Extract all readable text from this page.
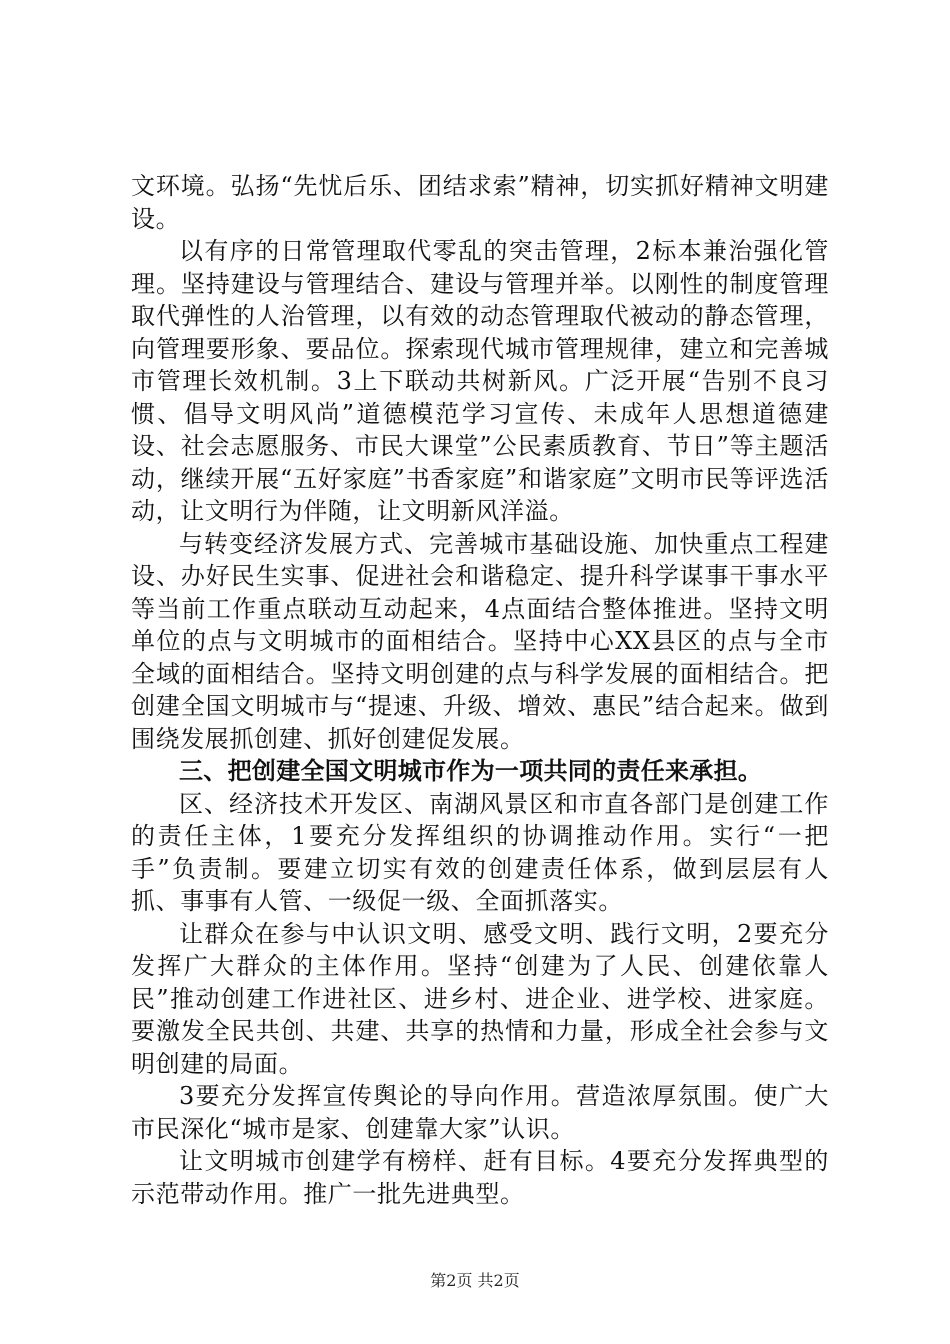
文环境。弘扬“先忧后乐、团结求索”精神，切实抓好精神文明建设。

以有序的日常管理取代零乱的突击管理，2标本兼治强化管理。坚持建设与管理结合、建设与管理并举。以刚性的制度管理取代弹性的人治管理，以有效的动态管理取代被动的静态管理，向管理要形象、要品位。探索现代城市管理规律，建立和完善城市管理长效机制。3上下联动共树新风。广泛开展“告别不良习惯、倡导文明风尚”道德模范学习宣传、未成年人思想道德建设、社会志愿服务、市民大课堂”公民素质教育、节日”等主题活动，继续开展“五好家庭”书香家庭”和谐家庭”文明市民等评选活动，让文明行为伴随，让文明新风洋溢。

与转变经济发展方式、完善城市基础设施、加快重点工程建设、办好民生实事、促进社会和谐稳定、提升科学谋事干事水平等当前工作重点联动互动起来，4点面结合整体推进。坚持文明单位的点与文明城市的面相结合。坚持中心XX县区的点与全市全域的面相结合。坚持文明创建的点与科学发展的面相结合。把创建全国文明城市与“提速、升级、增效、惠民”结合起来。做到围绕发展抓创建、抓好创建促发展。

三、把创建全国文明城市作为一项共同的责任来承担。

区、经济技术开发区、南湖风景区和市直各部门是创建工作的责任主体，1要充分发挥组织的协调推动作用。实行“一把手”负责制。要建立切实有效的创建责任体系，做到层层有人抓、事事有人管、一级促一级、全面抓落实。

让群众在参与中认识文明、感受文明、践行文明，2要充分发挥广大群众的主体作用。坚持“创建为了人民、创建依靠人民”推动创建工作进社区、进乡村、进企业、进学校、进家庭。要激发全民共创、共建、共享的热情和力量，形成全社会参与文明创建的局面。

3要充分发挥宣传舆论的导向作用。营造浓厚氛围。使广大市民深化“城市是家、创建靠大家”认识。

让文明城市创建学有榜样、赶有目标。4要充分发挥典型的示范带动作用。推广一批先进典型。

第2页 共2页
